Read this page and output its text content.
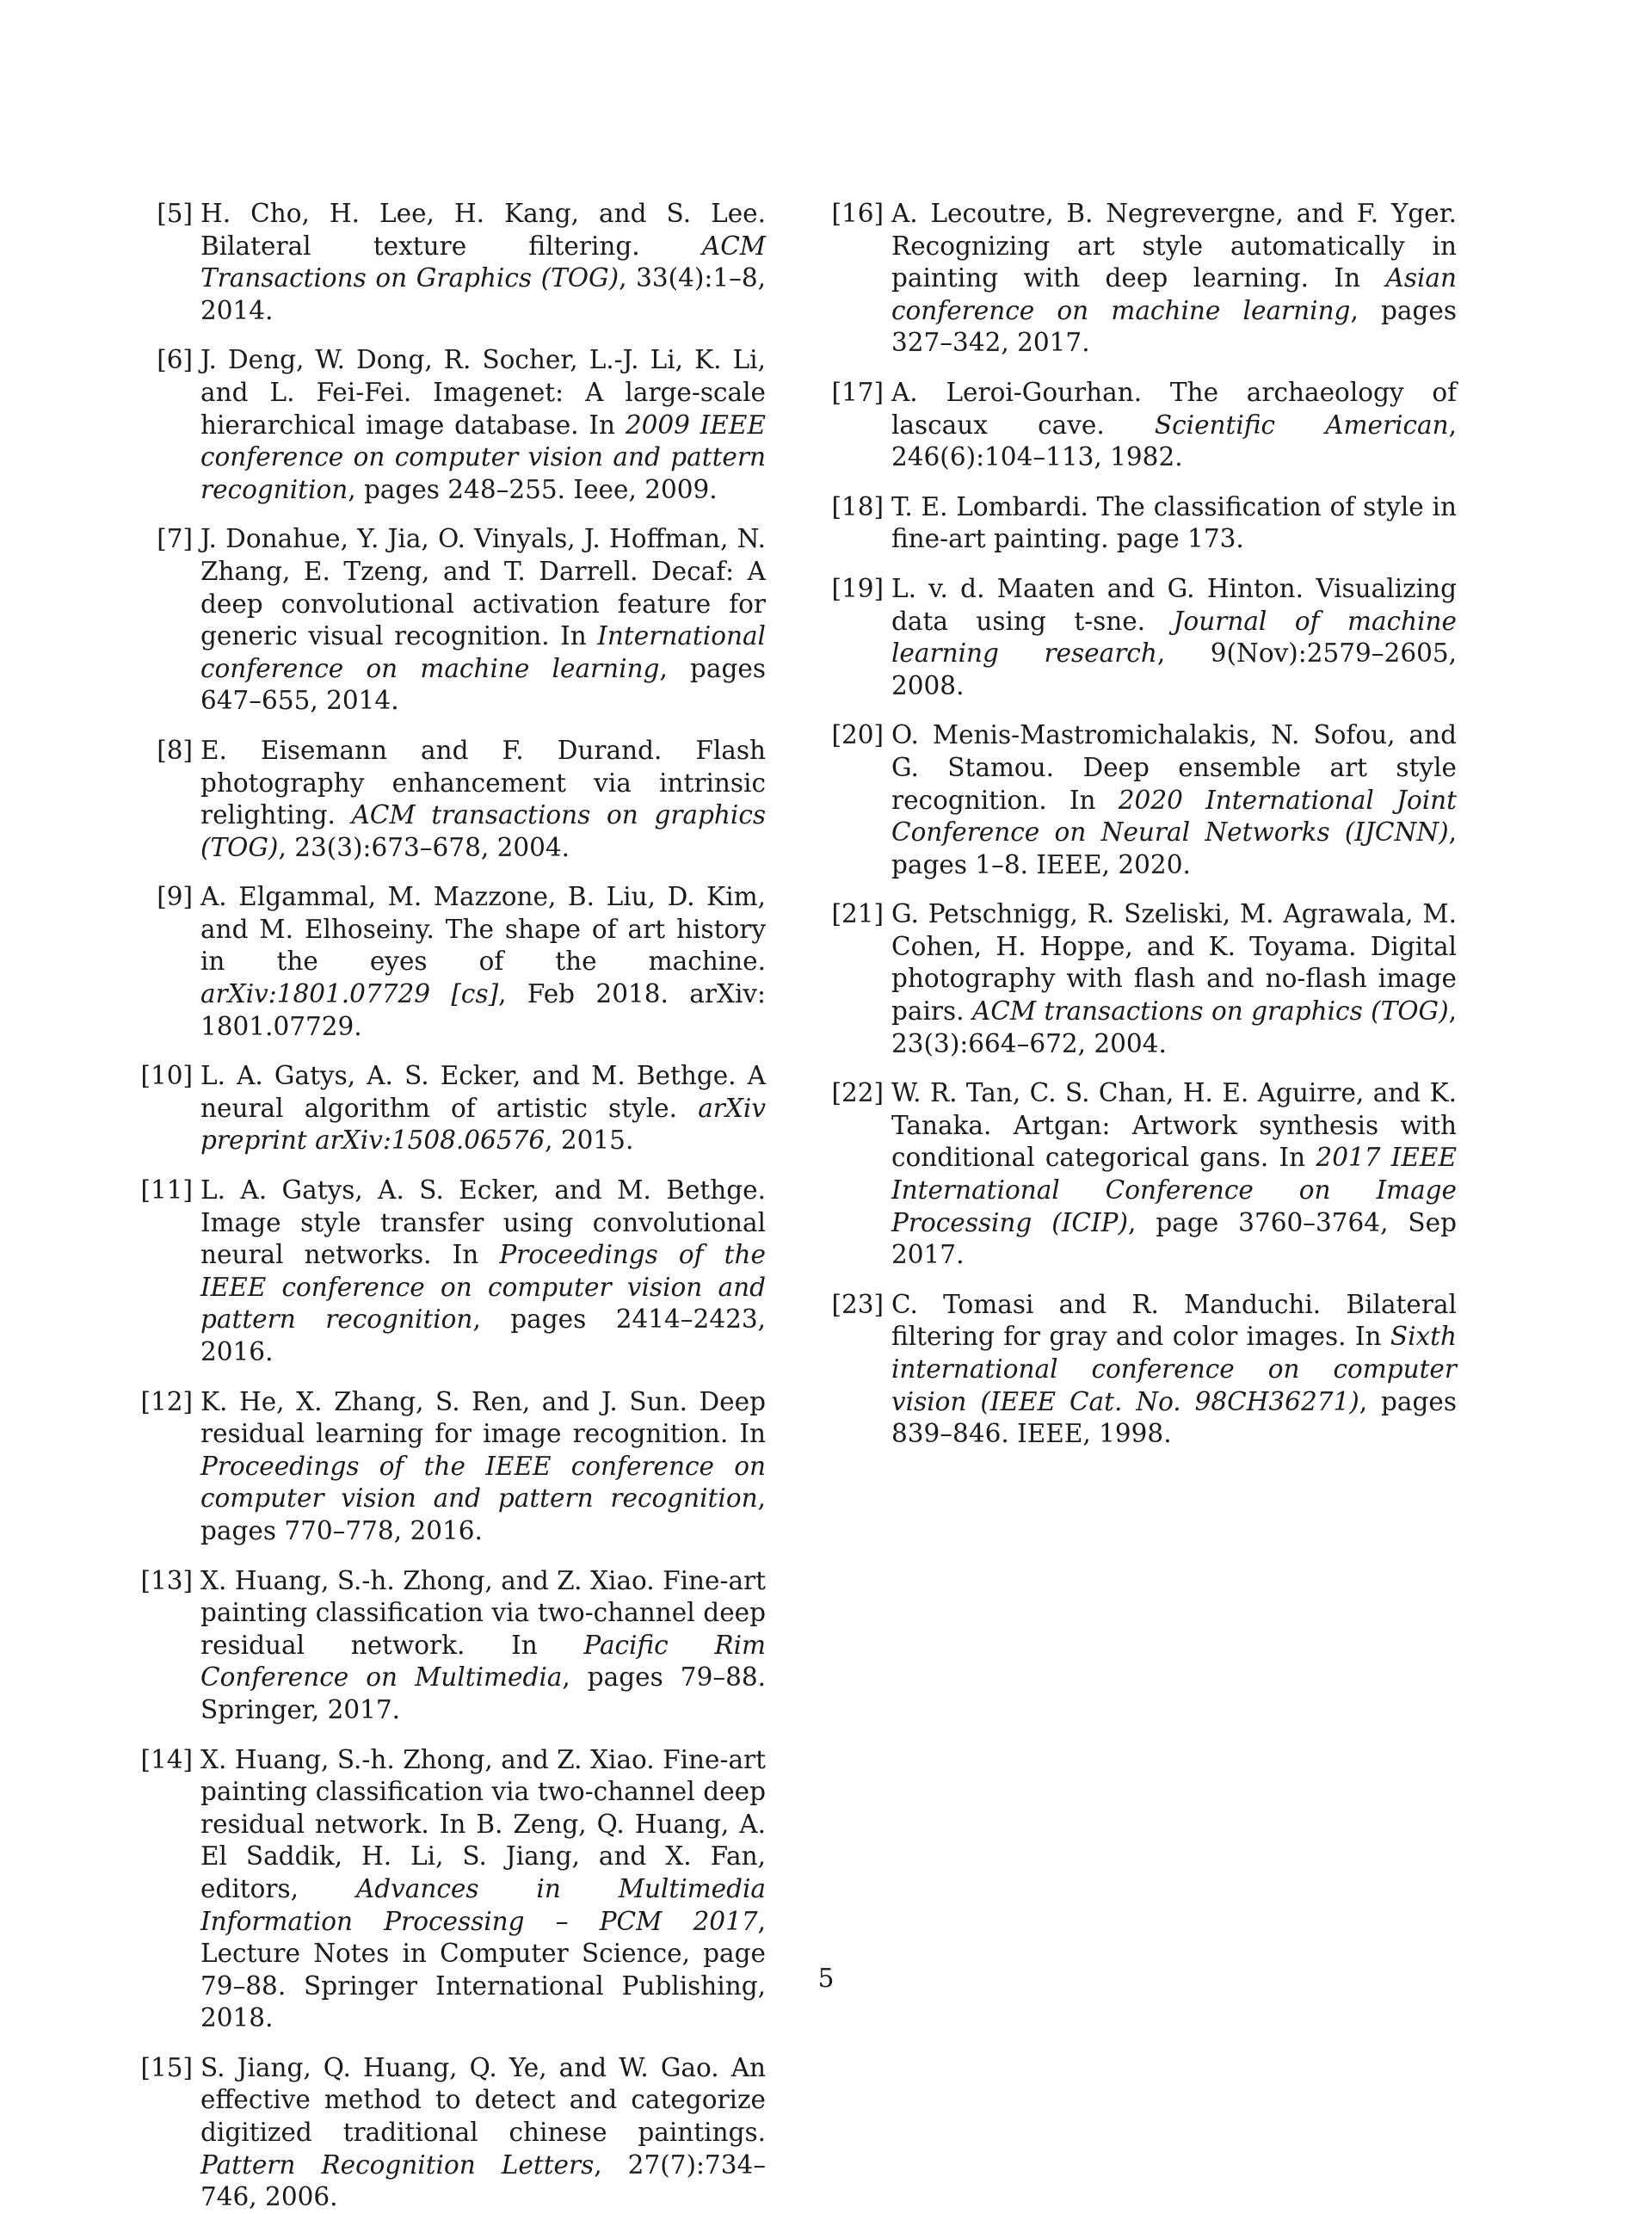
[5] H. Cho, H. Lee, H. Kang, and S. Lee. Bilateral texture filtering. ACM Transactions on Graphics (TOG), 33(4):1–8, 2014.
[6] J. Deng, W. Dong, R. Socher, L.-J. Li, K. Li, and L. Fei-Fei. Imagenet: A large-scale hierarchical image database. In 2009 IEEE conference on computer vision and pattern recognition, pages 248–255. Ieee, 2009.
[7] J. Donahue, Y. Jia, O. Vinyals, J. Hoffman, N. Zhang, E. Tzeng, and T. Darrell. Decaf: A deep convolutional activation feature for generic visual recognition. In International conference on machine learning, pages 647–655, 2014.
[8] E. Eisemann and F. Durand. Flash photography enhancement via intrinsic relighting. ACM transactions on graphics (TOG), 23(3):673–678, 2004.
[9] A. Elgammal, M. Mazzone, B. Liu, D. Kim, and M. Elhoseiny. The shape of art history in the eyes of the machine. arXiv:1801.07729 [cs], Feb 2018. arXiv: 1801.07729.
[10] L. A. Gatys, A. S. Ecker, and M. Bethge. A neural algorithm of artistic style. arXiv preprint arXiv:1508.06576, 2015.
[11] L. A. Gatys, A. S. Ecker, and M. Bethge. Image style transfer using convolutional neural networks. In Proceedings of the IEEE conference on computer vision and pattern recognition, pages 2414–2423, 2016.
[12] K. He, X. Zhang, S. Ren, and J. Sun. Deep residual learning for image recognition. In Proceedings of the IEEE conference on computer vision and pattern recognition, pages 770–778, 2016.
[13] X. Huang, S.-h. Zhong, and Z. Xiao. Fine-art painting classification via two-channel deep residual network. In Pacific Rim Conference on Multimedia, pages 79–88. Springer, 2017.
[14] X. Huang, S.-h. Zhong, and Z. Xiao. Fine-art painting classification via two-channel deep residual network. In B. Zeng, Q. Huang, A. El Saddik, H. Li, S. Jiang, and X. Fan, editors, Advances in Multimedia Information Processing – PCM 2017, Lecture Notes in Computer Science, page 79–88. Springer International Publishing, 2018.
[15] S. Jiang, Q. Huang, Q. Ye, and W. Gao. An effective method to detect and categorize digitized traditional chinese paintings. Pattern Recognition Letters, 27(7):734–746, 2006.
[16] A. Lecoutre, B. Negrevergne, and F. Yger. Recognizing art style automatically in painting with deep learning. In Asian conference on machine learning, pages 327–342, 2017.
[17] A. Leroi-Gourhan. The archaeology of lascaux cave. Scientific American, 246(6):104–113, 1982.
[18] T. E. Lombardi. The classification of style in fine-art painting. page 173.
[19] L. v. d. Maaten and G. Hinton. Visualizing data using t-sne. Journal of machine learning research, 9(Nov):2579–2605, 2008.
[20] O. Menis-Mastromichalakis, N. Sofou, and G. Stamou. Deep ensemble art style recognition. In 2020 International Joint Conference on Neural Networks (IJCNN), pages 1–8. IEEE, 2020.
[21] G. Petschnigg, R. Szeliski, M. Agrawala, M. Cohen, H. Hoppe, and K. Toyama. Digital photography with flash and no-flash image pairs. ACM transactions on graphics (TOG), 23(3):664–672, 2004.
[22] W. R. Tan, C. S. Chan, H. E. Aguirre, and K. Tanaka. Artgan: Artwork synthesis with conditional categorical gans. In 2017 IEEE International Conference on Image Processing (ICIP), page 3760–3764, Sep 2017.
[23] C. Tomasi and R. Manduchi. Bilateral filtering for gray and color images. In Sixth international conference on computer vision (IEEE Cat. No. 98CH36271), pages 839–846. IEEE, 1998.
5
